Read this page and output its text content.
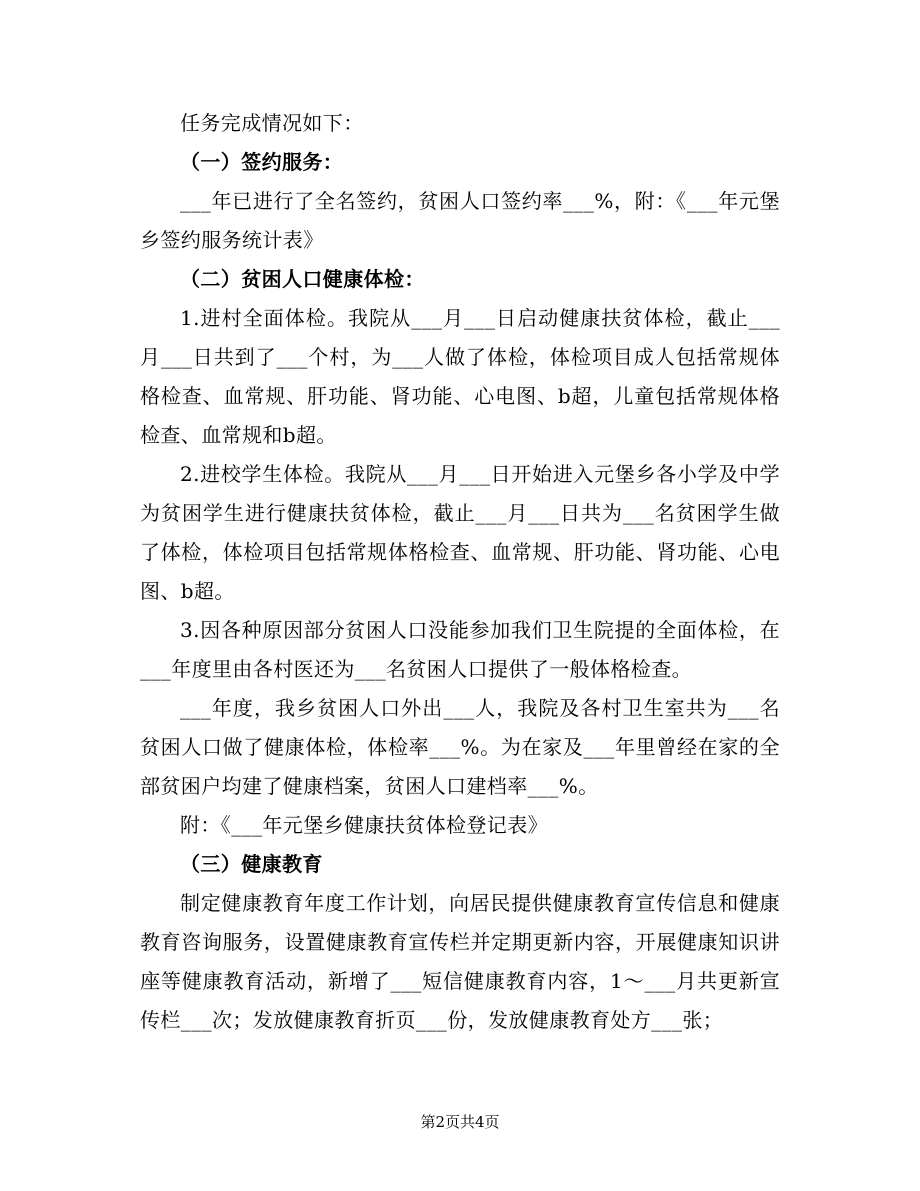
任务完成情况如下：

（一）签约服务：

___年已进行了全名签约，贫困人口签约率___%，附：《___年元堡乡签约服务统计表》

（二）贫困人口健康体检：

1.进村全面体检。我院从___月___日启动健康扶贫体检，截止___月___日共到了___个村，为___人做了体检，体检项目成人包括常规体格检查、血常规、肝功能、肾功能、心电图、b超，儿童包括常规体格检查、血常规和b超。

2.进校学生体检。我院从___月___日开始进入元堡乡各小学及中学为贫困学生进行健康扶贫体检，截止___月___日共为___名贫困学生做了体检，体检项目包括常规体格检查、血常规、肝功能、肾功能、心电图、b超。

3.因各种原因部分贫困人口没能参加我们卫生院提的全面体检，在___年度里由各村医还为___名贫困人口提供了一般体格检查。

___年度，我乡贫困人口外出___人，我院及各村卫生室共为___名贫困人口做了健康体检，体检率___%。为在家及___年里曾经在家的全部贫困户均建了健康档案，贫困人口建档率___%。

附：《___年元堡乡健康扶贫体检登记表》

（三）健康教育

制定健康教育年度工作计划，向居民提供健康教育宣传信息和健康教育咨询服务，设置健康教育宣传栏并定期更新内容，开展健康知识讲座等健康教育活动，新增了___短信健康教育内容，1～___月共更新宣传栏___次；发放健康教育折页___份，发放健康教育处方___张；

第2页共4页
